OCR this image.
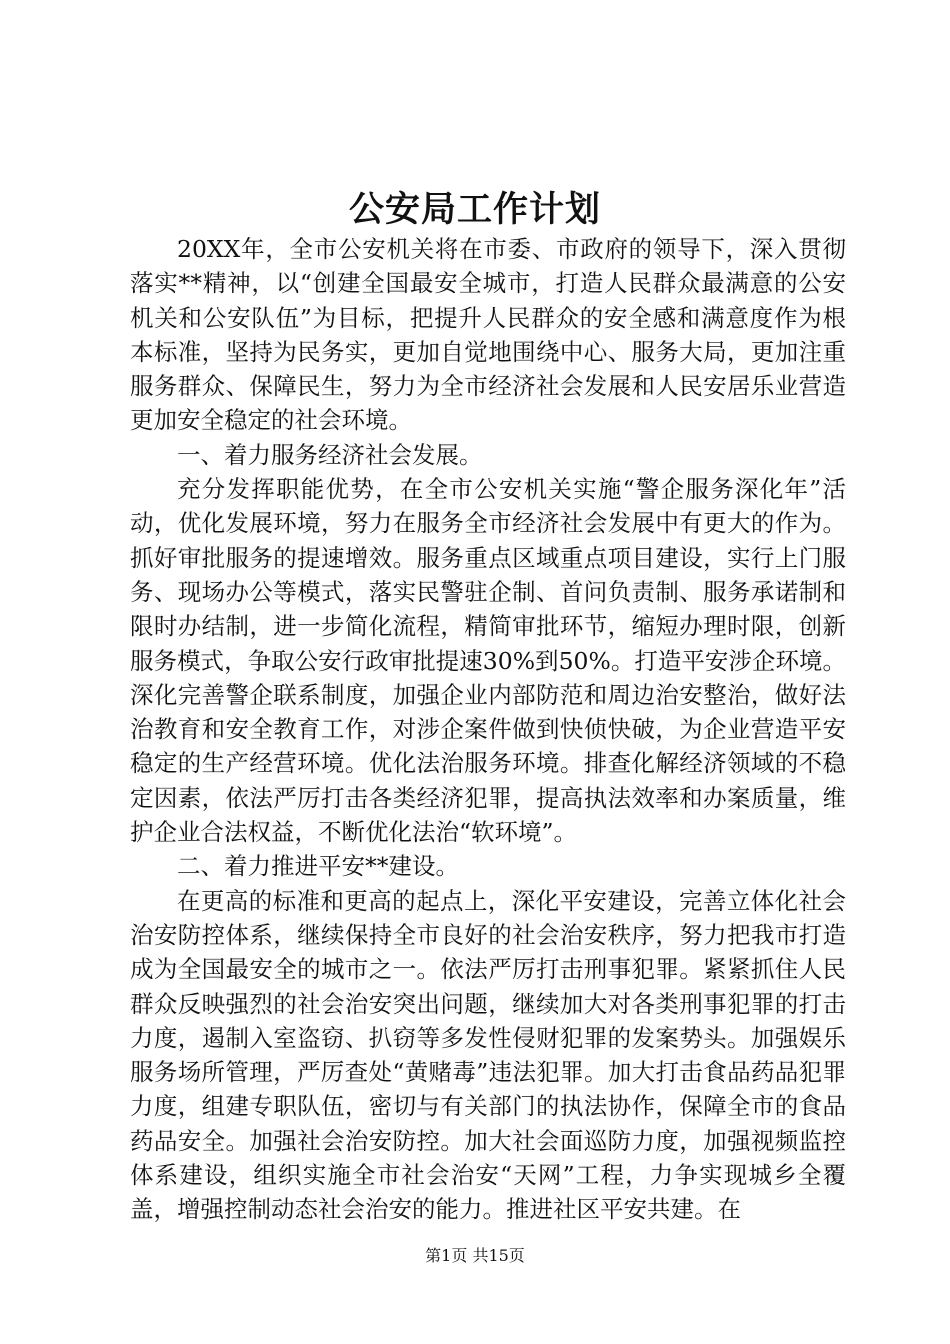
公安局工作计划

20XX年，全市公安机关将在市委、市政府的领导下，深入贯彻落实**精神，以“创建全国最安全城市，打造人民群众最满意的公安机关和公安队伍”为目标，把提升人民群众的安全感和满意度作为根本标准，坚持为民务实，更加自觉地围绕中心、服务大局，更加注重服务群众、保障民生，努力为全市经济社会发展和人民安居乐业营造更加安全稳定的社会环境。

一、着力服务经济社会发展。

充分发挥职能优势，在全市公安机关实施“警企服务深化年”活动，优化发展环境，努力在服务全市经济社会发展中有更大的作为。抓好审批服务的提速增效。服务重点区域重点项目建设，实行上门服务、现场办公等模式，落实民警驻企制、首问负责制、服务承诺制和限时办结制，进一步简化流程，精简审批环节，缩短办理时限，创新服务模式，争取公安行政审批提速30%到50%。打造平安涉企环境。深化完善警企联系制度，加强企业内部防范和周边治安整治，做好法治教育和安全教育工作，对涉企案件做到快侦快破，为企业营造平安稳定的生产经营环境。优化法治服务环境。排查化解经济领域的不稳定因素，依法严厉打击各类经济犯罪，提高执法效率和办案质量，维护企业合法权益，不断优化法治“软环境”。

二、着力推进平安**建设。

在更高的标准和更高的起点上，深化平安建设，完善立体化社会治安防控体系，继续保持全市良好的社会治安秩序，努力把我市打造成为全国最安全的城市之一。依法严厉打击刑事犯罪。紧紧抓住人民群众反映强烈的社会治安突出问题，继续加大对各类刑事犯罪的打击力度，遏制入室盗窃、扒窃等多发性侵财犯罪的发案势头。加强娱乐服务场所管理，严厉查处“黄赌毒”违法犯罪。加大打击食品药品犯罪力度，组建专职队伍，密切与有关部门的执法协作，保障全市的食品药品安全。加强社会治安防控。加大社会面巡防力度，加强视频监控体系建设，组织实施全市社会治安“天网”工程，力争实现城乡全覆盖，增强控制动态社会治安的能力。推进社区平安共建。在

第1页 共15页
